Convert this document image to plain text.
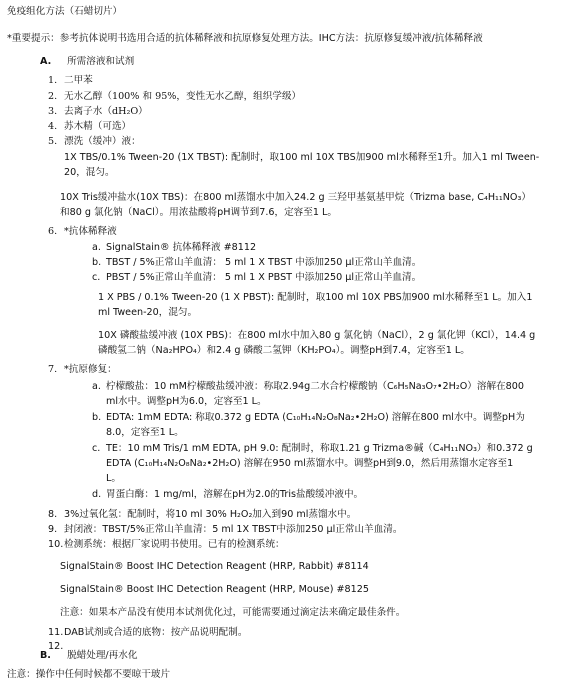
免疫组化方法（石蜡切片）
*重要提示：参考抗体说明书选用合适的抗体稀释液和抗原修复处理方法。IHC方法：抗原修复缓冲液/抗体稀释液
A. 所需溶液和试剂
1. 二甲苯
2. 无水乙醇（100% 和 95%，变性无水乙醇，组织学级）
3. 去离子水（dH₂O）
4. 苏木精（可选）
5. 漂洗（缓冲）液：
1X TBS/0.1% Tween-20 (1X TBST): 配制时，取100 ml 10X TBS加900 ml水稀释至1升。加入1 ml Tween-
20，混匀。
10X Tris缓冲盐水(10X TBS)：在800 ml蒸馏水中加入24.2 g 三羟甲基氨基甲烷（Trizma base, C₄H₁₁NO₃）
和80 g 氯化钠（NaCl）。用浓盐酸将pH调节到7.6，定容至1 L。
6. *抗体稀释液
a. SignalStain® 抗体稀释液 #8112
b. TBST / 5%正常山羊血清： 5 ml 1 X TBST 中添加250 µl正常山羊血清。
c. PBST / 5%正常山羊血清： 5 ml 1 X PBST 中添加250 µl正常山羊血清。
1 X PBS / 0.1% Tween-20 (1 X PBST): 配制时，取100 ml 10X PBS加900 ml水稀释至1 L。加入1
ml Tween-20，混匀。
10X 磷酸盐缓冲液 (10X PBS)：在800 ml水中加入80 g 氯化钠（NaCl），2 g 氯化钾（KCl），14.4 g
磷酸氢二钠（Na₂HPO₄）和2.4 g 磷酸二氢钾（KH₂PO₄）。调整pH到7.4，定容至1 L。
7. *抗原修复：
a. 柠檬酸盐：10 mM柠檬酸盐缓冲液：称取2.94g二水合柠檬酸钠（C₆H₅Na₃O₇•2H₂O）溶解在800
ml水中。调整pH为6.0，定容至1 L。
b. EDTA: 1mM EDTA: 称取0.372 g EDTA (C₁₀H₁₄N₂O₈Na₂•2H₂O) 溶解在800 ml水中。调整pH为
8.0，定容至1 L。
c. TE：10 mM Tris/1 mM EDTA, pH 9.0: 配制时，称取1.21 g Trizma®碱（C₄H₁₁NO₃）和0.372 g
EDTA (C₁₀H₁₄N₂O₈Na₂•2H₂O) 溶解在950 ml蒸馏水中。调整pH到9.0，然后用蒸馏水定容至1
L。
d. 胃蛋白酶：1 mg/ml，溶解在pH为2.0的Tris盐酸缓冲液中。
8. 3%过氧化氢：配制时，将10 ml 30% H₂O₂加入到90 ml蒸馏水中。
9. 封闭液：TBST/5%正常山羊血清：5 ml 1X TBST中添加250 µl正常山羊血清。
10.检测系统：根据厂家说明书使用。已有的检测系统：
SignalStain® Boost IHC Detection Reagent (HRP, Rabbit) #8114
SignalStain® Boost IHC Detection Reagent (HRP, Mouse) #8125
注意：如果本产品没有使用本试剂优化过，可能需要通过滴定法来确定最佳条件。
11.DAB试剂或合适的底物：按产品说明配制。
12.
B. 脱蜡处理/再水化
注意：操作中任何时候都不要晾干玻片
